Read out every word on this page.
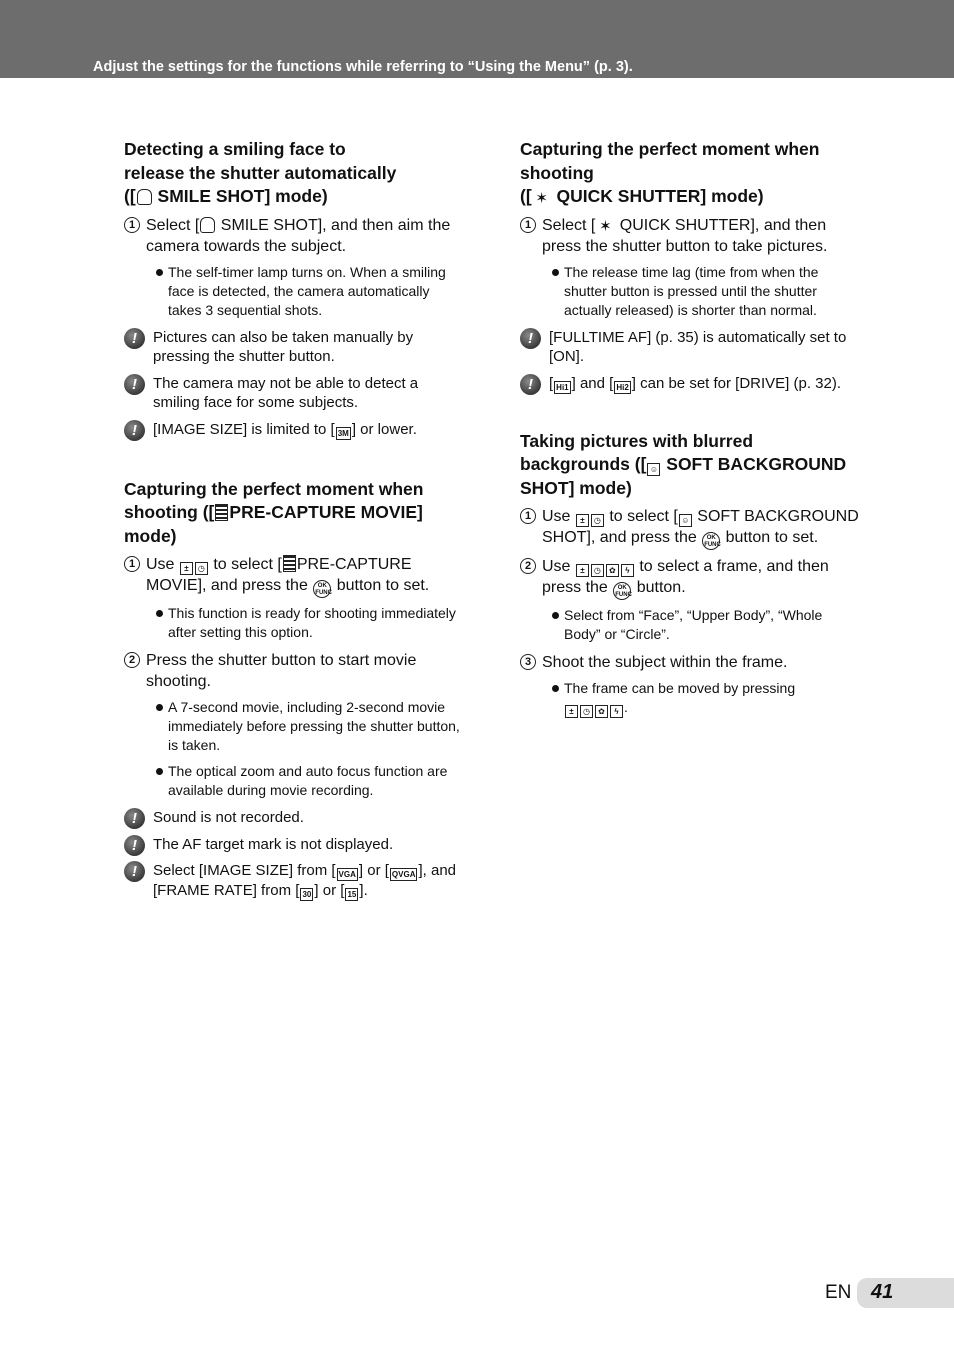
Adjust the settings for the functions while referring to “Using the Menu” (p. 3).
Detecting a smiling face to
release the shutter automatically
([ SMILE SHOT] mode)
1 Select [ SMILE SHOT], and then aim the camera towards the subject.
The self-timer lamp turns on. When a smiling face is detected, the camera automatically takes 3 sequential shots.
!	Pictures can also be taken manually by pressing the shutter button.
!	The camera may not be able to detect a smiling face for some subjects.
!	[IMAGE SIZE] is limited to [ 3M ] or lower.
Capturing the perfect moment when shooting ([ PRE-CAPTURE MOVIE] mode)
1 Use ± ◷ to select [ PRE-CAPTURE MOVIE], and press the OK
FUNC button to set.
This function is ready for shooting immediately after setting this option.
2 Press the shutter button to start movie shooting.
A 7-second movie, including 2-second movie immediately before pressing the shutter button, is taken.
The optical zoom and auto focus function are available during movie recording.
!	Sound is not recorded.
!	The AF target mark is not displayed.
!	Select [IMAGE SIZE] from [ VGA ] or [ QVGA ], and [FRAME RATE] from [ 30 ] or [ 15 ].
Capturing the perfect moment when
shooting
([ ✶ QUICK SHUTTER] mode)
1 Select [ ✶ QUICK SHUTTER], and then press the shutter button to take pictures.
The release time lag (time from when the shutter button is pressed until the shutter actually released) is shorter than normal.
!	[FULLTIME AF] (p. 35) is automatically set to [ON].
!	[ Hi1 ] and [ Hi2 ] can be set for [DRIVE] (p. 32).
Taking pictures with blurred backgrounds ([ ☺ SOFT BACKGROUND SHOT] mode)
1 Use ± ◷ to select [ ☺ SOFT BACKGROUND SHOT], and press the OK
FUNC button to set.
2 Use ± ◷ ✿ ϟ to select a frame, and then press the OK
FUNC button.
Select from “Face”, “Upper Body”, “Whole Body” or “Circle”.
3 Shoot the subject within the frame.
The frame can be moved by pressing
± ◷ ✿ ϟ .
EN 41
